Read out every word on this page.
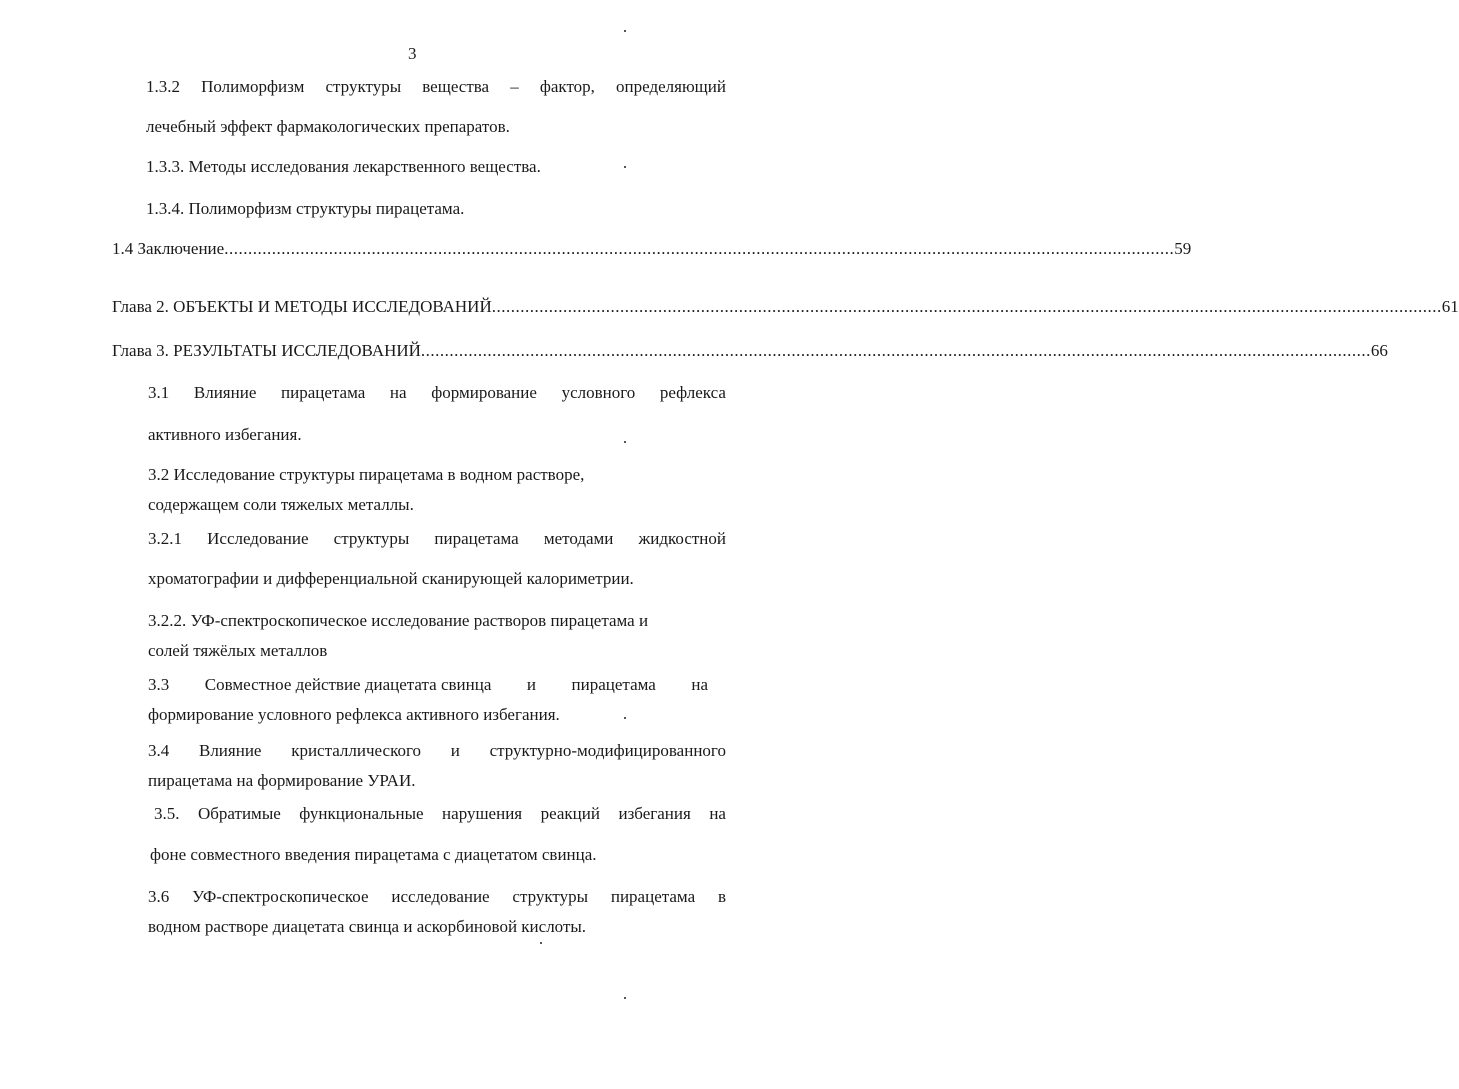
3
1.3.2 Полиморфизм структуры вещества – фактор, определяющий
лечебный эффект фармакологических препаратов.
1.3.3. Методы исследования лекарственного вещества.
1.3.4. Полиморфизм структуры пирацетама.
1.4 Заключение ........................................................................................................................................................................................................ 59
Глава 2. ОБЪЕКТЫ И МЕТОДЫ ИССЛЕДОВАНИЙ ........................................................................................................................................................................................................ 61
Глава 3. РЕЗУЛЬТАТЫ ИССЛЕДОВАНИЙ ........................................................................................................................................................................................................ 66
3.1 Влияние пирацетама на формирование условного рефлекса
активного избегания.
3.2 Исследование структуры пирацетама в водном растворе,
содержащем соли тяжелых металлы.
3.2.1 Исследование структуры пирацетама методами жидкостной
хроматографии и дифференциальной сканирующей калориметрии.
3.2.2. УФ-спектроскопическое исследование растворов пирацетама и
солей тяжёлых металлов
3.3 Совместное действие диацетата свинца и пирацетама на
формирование условного рефлекса активного избегания.
3.4 Влияние кристаллического и структурно-модифицированного
пирацетама на формирование УРАИ.
3.5. Обратимые функциональные нарушения реакций избегания на
фоне совместного введения пирацетама с диацетатом свинца.
3.6 УФ-спектроскопическое исследование структуры пирацетама в
водном растворе диацетата свинца и аскорбиновой кислоты.
